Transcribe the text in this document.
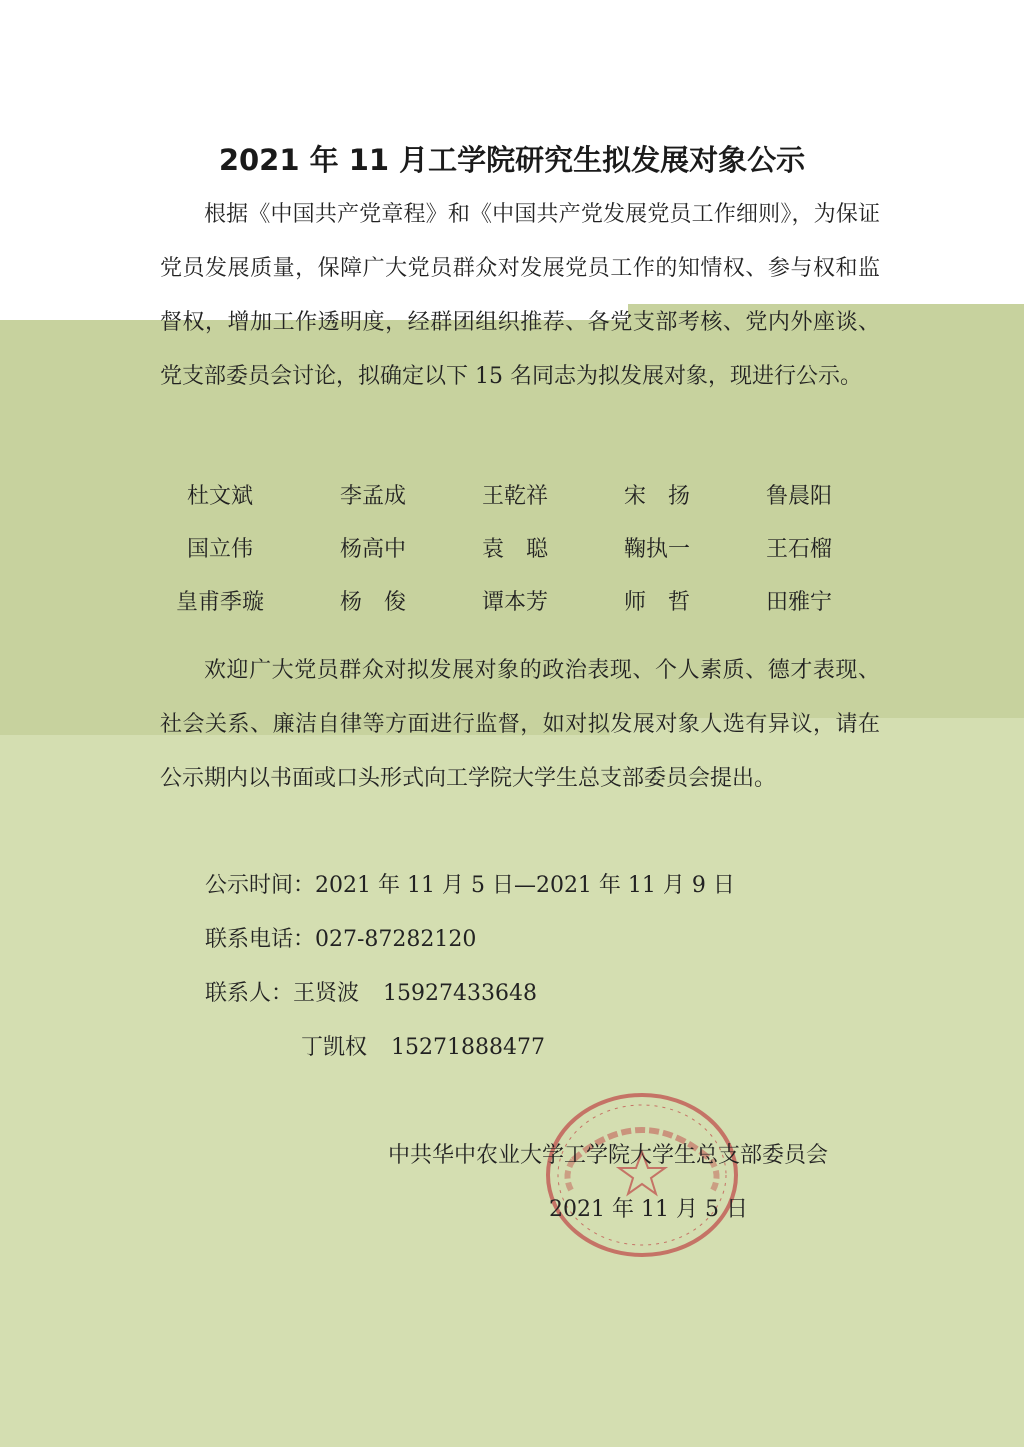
2021 年 11 月工学院研究生拟发展对象公示

根据《中国共产党章程》和《中国共产党发展党员工作细则》，为保证党员发展质量，保障广大党员群众对发展党员工作的知情权、参与权和监督权，增加工作透明度，经群团组织推荐、各党支部考核、党内外座谈、党支部委员会讨论，拟确定以下 15 名同志为拟发展对象，现进行公示。

杜文斌	李孟成	王乾祥	宋　扬	鲁晨阳
国立伟	杨高中	袁　聪	鞠执一	王石榴
皇甫季璇	杨　俊	谭本芳	师　哲	田雅宁

欢迎广大党员群众对拟发展对象的政治表现、个人素质、德才表现、社会关系、廉洁自律等方面进行监督，如对拟发展对象人选有异议，请在公示期内以书面或口头形式向工学院大学生总支部委员会提出。

公示时间：2021 年 11 月 5 日—2021 年 11 月 9 日
联系电话：027-87282120
联系人：王贤波 15927433648
丁凯权 15271888477
中共华中农业大学工学院大学生总支部委员会
2021 年 11 月 5 日
